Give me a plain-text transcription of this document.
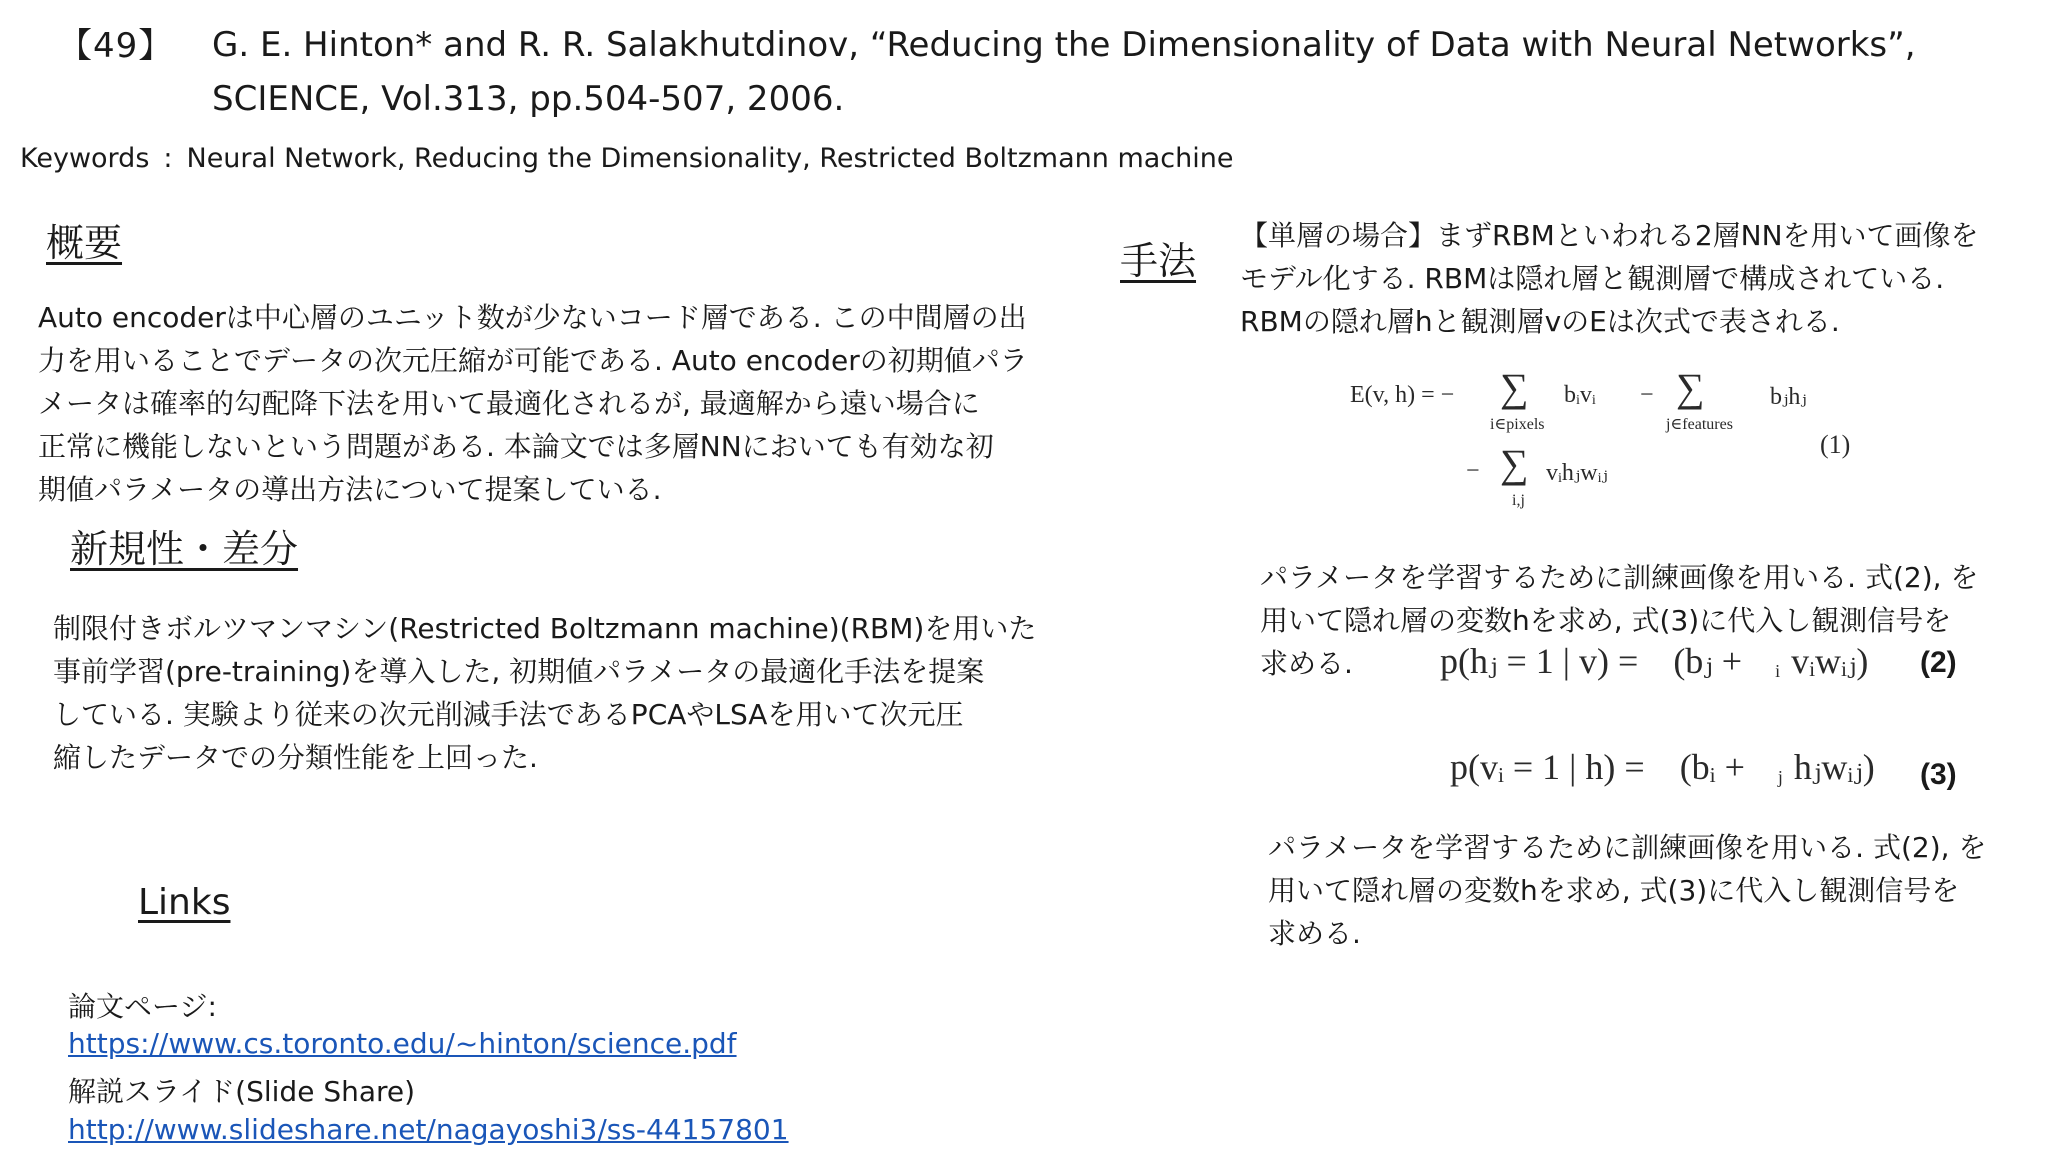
【49】 G. E. Hinton* and R. R. Salakhutdinov, “Reducing the Dimensionality of Data with Neural Networks”,
SCIENCE, Vol.313, pp.504-507, 2006.
Keywords : Neural Network, Reducing the Dimensionality, Restricted Boltzmann machine
概要
Auto encoderは中心層のユニット数が少ないコード層である. この中間層の出
力を用いることでデータの次元圧縮が可能である. Auto encoderの初期値パラ
メータは確率的勾配降下法を用いて最適化されるが, 最適解から遠い場合に
正常に機能しないという問題がある. 本論文では多層NNにおいても有効な初
期値パラメータの導出方法について提案している.
新規性・差分
制限付きボルツマンマシン(Restricted Boltzmann machine)(RBM)を用いた
事前学習(pre-training)を導入した, 初期値パラメータの最適化手法を提案
している. 実験より従来の次元削減手法であるPCAやLSAを用いて次元圧
縮したデータでの分類性能を上回った.
Links
論文ページ:
https://www.cs.toronto.edu/~hinton/science.pdf
解説スライド(Slide Share)
http://www.slideshare.net/nagayoshi3/ss-44157801
手法
【単層の場合】まずRBMといわれる2層NNを用いて画像を
モデル化する. RBMは隠れ層と観測層で構成されている.
RBMの隠れ層hと観測層vのEは次式で表される.
E(v, h) = − ∑
i∈pixels
bᵢvᵢ − ∑
j∈features
bⱼhⱼ
− ∑
i,j
vᵢhⱼwᵢⱼ
(1)
パラメータを学習するために訓練画像を用いる. 式(2), を
用いて隠れ層の変数hを求め, 式(3)に代入し観測信号を
求める.	p(hⱼ = 1 | v) = (bⱼ + i vᵢwᵢⱼ) (2)
p(vᵢ = 1 | h) = (bᵢ + j hⱼwᵢⱼ) (3)
パラメータを学習するために訓練画像を用いる. 式(2), を
用いて隠れ層の変数hを求め, 式(3)に代入し観測信号を
求める.
